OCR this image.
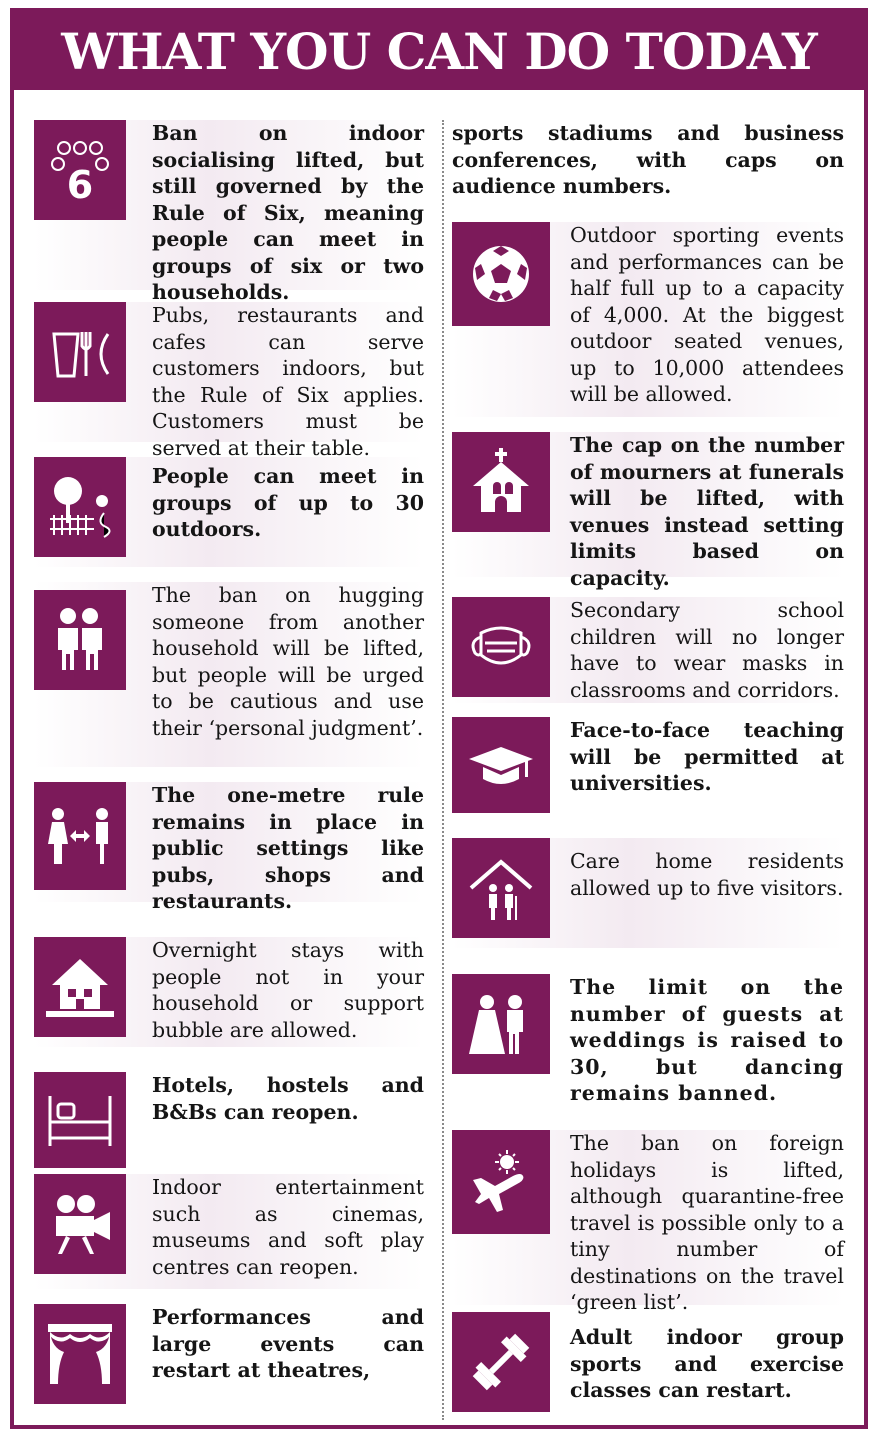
WHAT YOU CAN DO TODAY
6

Ban on indoor socialising lifted, but still governed by the Rule of Six, meaning people can meet in groups of six or two households.

Pubs, restaurants and cafes can serve customers indoors, but the Rule of Six applies. Customers must be served at their table.

People can meet in groups of up to 30 outdoors.

The ban on hugging someone from another household will be lifted, but people will be urged to be cautious and use their ‘personal judgment’.

The one-metre rule remains in place in public settings like pubs, shops and restaurants.

Overnight stays with people not in your household or support bubble are allowed.

Hotels, hostels and B&Bs can reopen.

Indoor entertainment such as cinemas, museums and soft play centres can reopen.

Performances and large events can restart at theatres,

sports stadiums and business conferences, with caps on audience numbers.

Outdoor sporting events and performances can be half full up to a capacity of 4,000. At the biggest outdoor seated venues, up to 10,000 attendees will be allowed.

The cap on the number of mourners at funerals will be lifted, with venues instead setting limits based on capacity.

Secondary school children will no longer have to wear masks in classrooms and corridors.

Face-to-face teaching will be permitted at universities.

Care home residents allowed up to five visitors.

The limit on the number of guests at weddings is raised to 30, but dancing remains banned.

The ban on foreign holidays is lifted, although quarantine-free travel is possible only to a tiny number of destinations on the travel ‘green list’.

Adult indoor group sports and exercise classes can restart.
